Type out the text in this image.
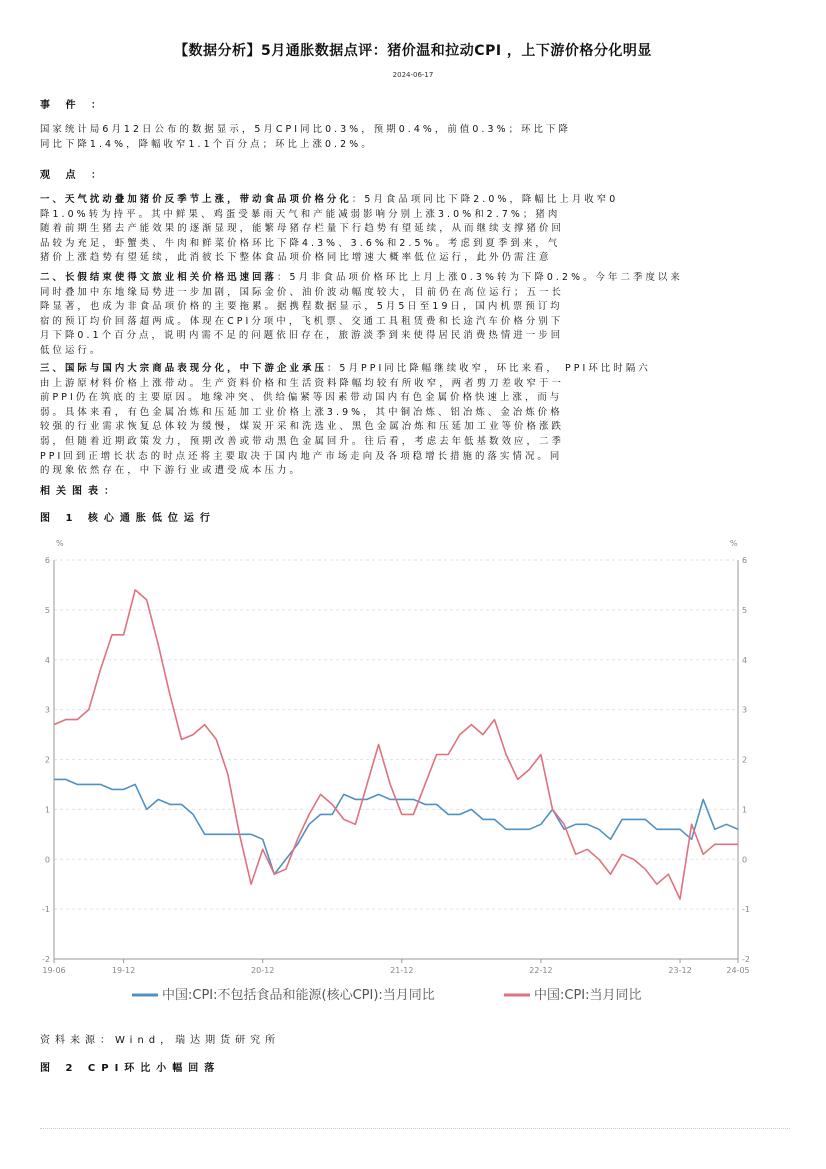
【数据分析】5月通胀数据点评：猪价温和拉动CPI ，上下游价格分化明显
2024-06-17
事 件 ：
国家统计局6月12日公布的数据显示，5月CPI同比0.3%，预期0.4%，前值0.3%；环比下降
同比下降1.4%，降幅收窄1.1个百分点；环比上涨0.2%。
观 点 ：
一、天气扰动叠加猪价反季节上涨，带动食品项价格分化：5月食品项同比下降2.0%，降幅比上月收窄0
降1.0%转为持平。其中鲜果、鸡蛋受暴雨天气和产能减弱影响分别上涨3.0%和2.7%；猪肉
随着前期生猪去产能效果的逐渐显现，能繁母猪存栏量下行趋势有望延续，从而继续支撑猪价回
品较为充足，虾蟹类、牛肉和鲜菜价格环比下降4.3%、3.6%和2.5%。考虑到夏季到来，气
猪价上涨趋势有望延续，此消彼长下整体食品项价格同比增速大概率低位运行，此外仍需注意
二、长假结束使得文旅业相关价格迅速回落：5月非食品项价格环比上月上涨0.3%转为下降0.2%。今年二季度以来
同时叠加中东地缘局势进一步加剧，国际金价、油价波动幅度较大，目前仍在高位运行；五一长
降显著，也成为非食品项价格的主要拖累。据携程数据显示，5月5日至19日，国内机票预订均
宿的预订均价回落超两成。体现在CPI分项中，飞机票、交通工具租赁费和长途汽车价格分别下
月下降0.1个百分点，说明内需不足的问题依旧存在，旅游淡季到来使得居民消费热情进一步回
低位运行。
三、国际与国内大宗商品表现分化，中下游企业承压：5月PPI同比降幅继续收窄，环比来看， PPI环比时隔六
由上游原材料价格上涨带动。生产资料价格和生活资料降幅均较有所收窄，两者剪刀差收窄于一
前PPI仍在筑底的主要原因。地缘冲突、供给偏紧等因素带动国内有色金属价格快速上涨，而与
弱。具体来看，有色金属冶炼和压延加工业价格上涨3.9%，其中铜冶炼、铝冶炼、金冶炼价格
较强的行业需求恢复总体较为缓慢，煤炭开采和洗选业、黑色金属冶炼和压延加工业等价格涨跌
弱，但随着近期政策发力，预期改善或带动黑色金属回升。往后看，考虑去年低基数效应，二季
PPI回到正增长状态的时点还将主要取决于国内地产市场走向及各项稳增长措施的落实情况。同
的现象依然存在，中下游行业或遭受成本压力。
相关图表：
图 1 核心通胀低位运行
-2	-2
-1	-1
0	0
1	1
2	2
3	3
4	4
5	5
6	6
%	%
19-06	19-12	20-12	21-12	22-12	23-12	24-05
中国:CPI:不包括食品和能源(核心CPI):当月同比	中国:CPI:当月同比
资料来源：Wind，瑞达期货研究所
图 2 CPI环比小幅回落
